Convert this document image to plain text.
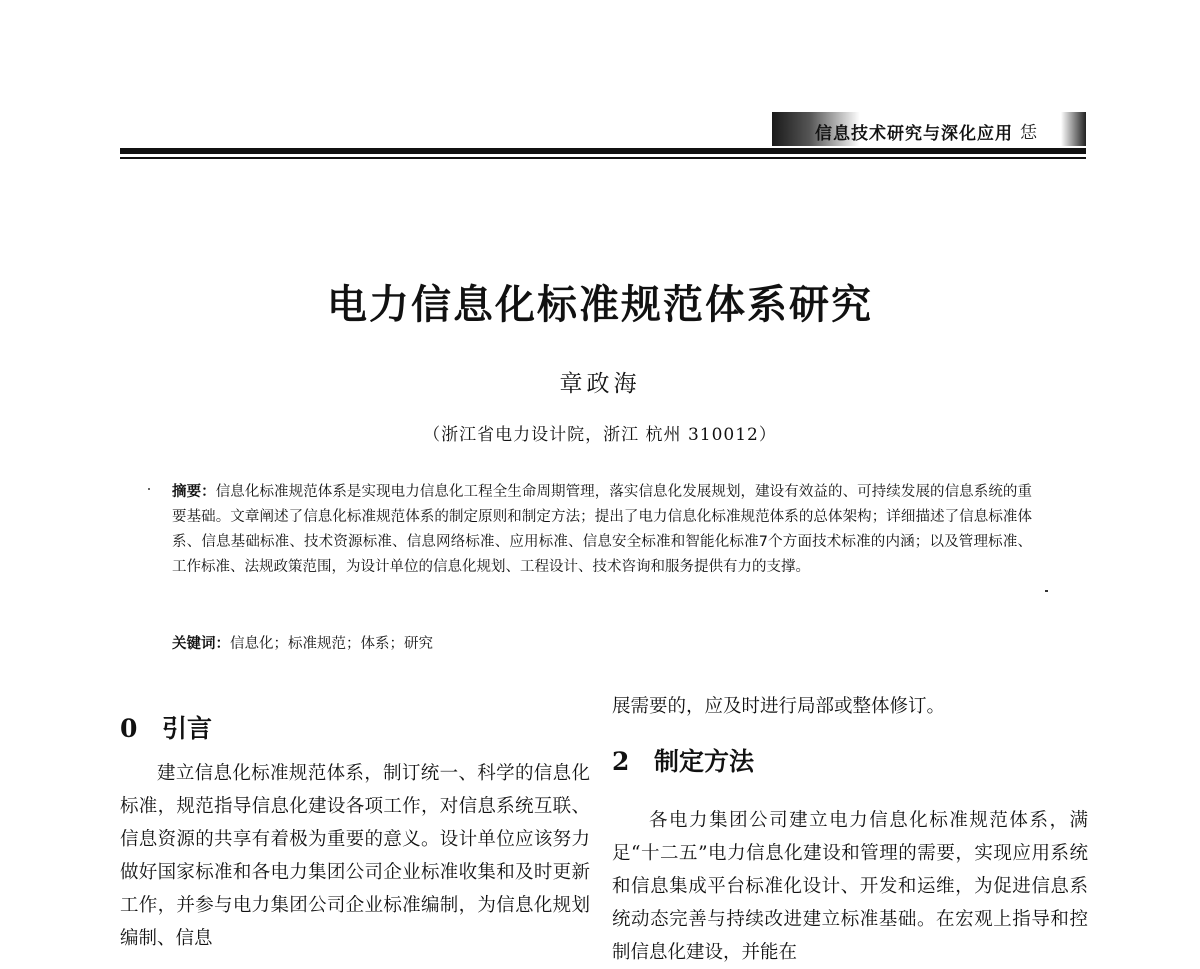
信息技术研究与深化应用 恁
电力信息化标准规范体系研究
章政海
（浙江省电力设计院，浙江 杭州 310012）
摘要：信息化标准规范体系是实现电力信息化工程全生命周期管理，落实信息化发展规划，建设有效益的、可持续发展的信息系统的重要基础。文章阐述了信息化标准规范体系的制定原则和制定方法；提出了电力信息化标准规范体系的总体架构；详细描述了信息标准体系、信息基础标准、技术资源标准、信息网络标准、应用标准、信息安全标准和智能化标准7个方面技术标准的内涵；以及管理标准、工作标准、法规政策范围，为设计单位的信息化规划、工程设计、技术咨询和服务提供有力的支撑。
关键词：信息化；标准规范；体系；研究
0 引言

建立信息化标准规范体系，制订统一、科学的信息化标准，规范指导信息化建设各项工作，对信息系统互联、信息资源的共享有着极为重要的意义。设计单位应该努力做好国家标准和各电力集团公司企业标准收集和及时更新工作，并参与电力集团公司企业标准编制，为信息化规划编制、信息

展需要的，应及时进行局部或整体修订。

2 制定方法

各电力集团公司建立电力信息化标准规范体系，满足“十二五”电力信息化建设和管理的需要，实现应用系统和信息集成平台标准化设计、开发和运维，为促进信息系统动态完善与持续改进建立标准基础。在宏观上指导和控制信息化建设，并能在
